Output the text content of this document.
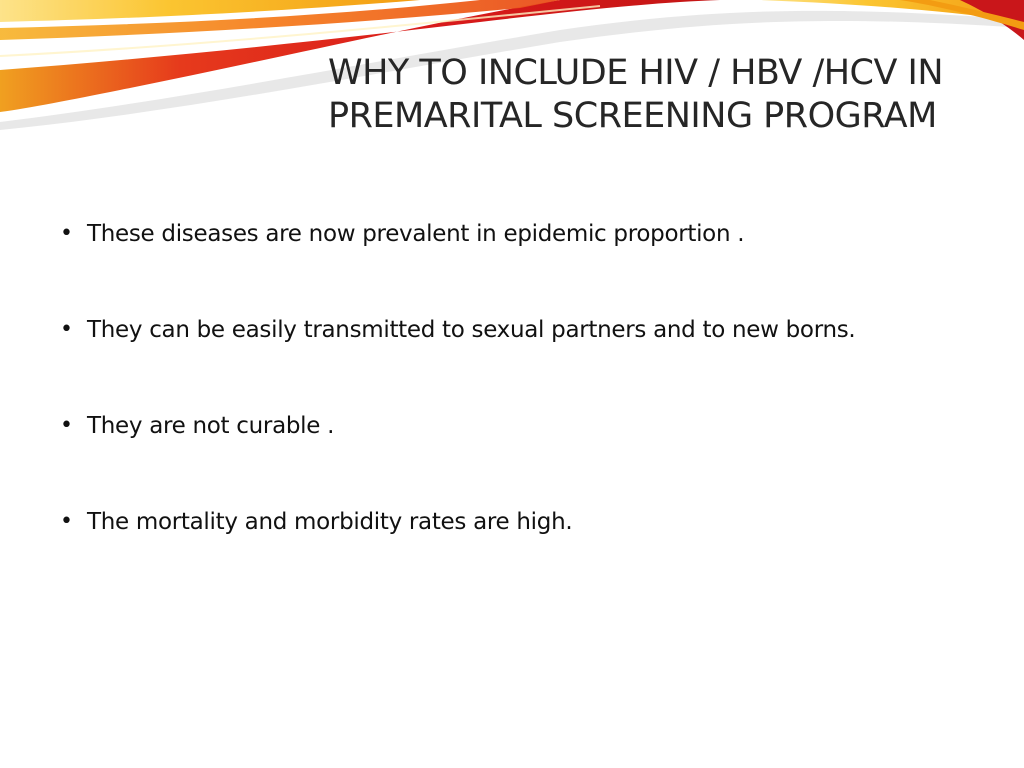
WHY TO INCLUDE HIV / HBV /HCV IN
PREMARITAL SCREENING PROGRAM
• These diseases are now prevalent in epidemic proportion .
• They can be easily transmitted to sexual partners and to new borns.
• They are not curable .
• The mortality and morbidity rates are high.
